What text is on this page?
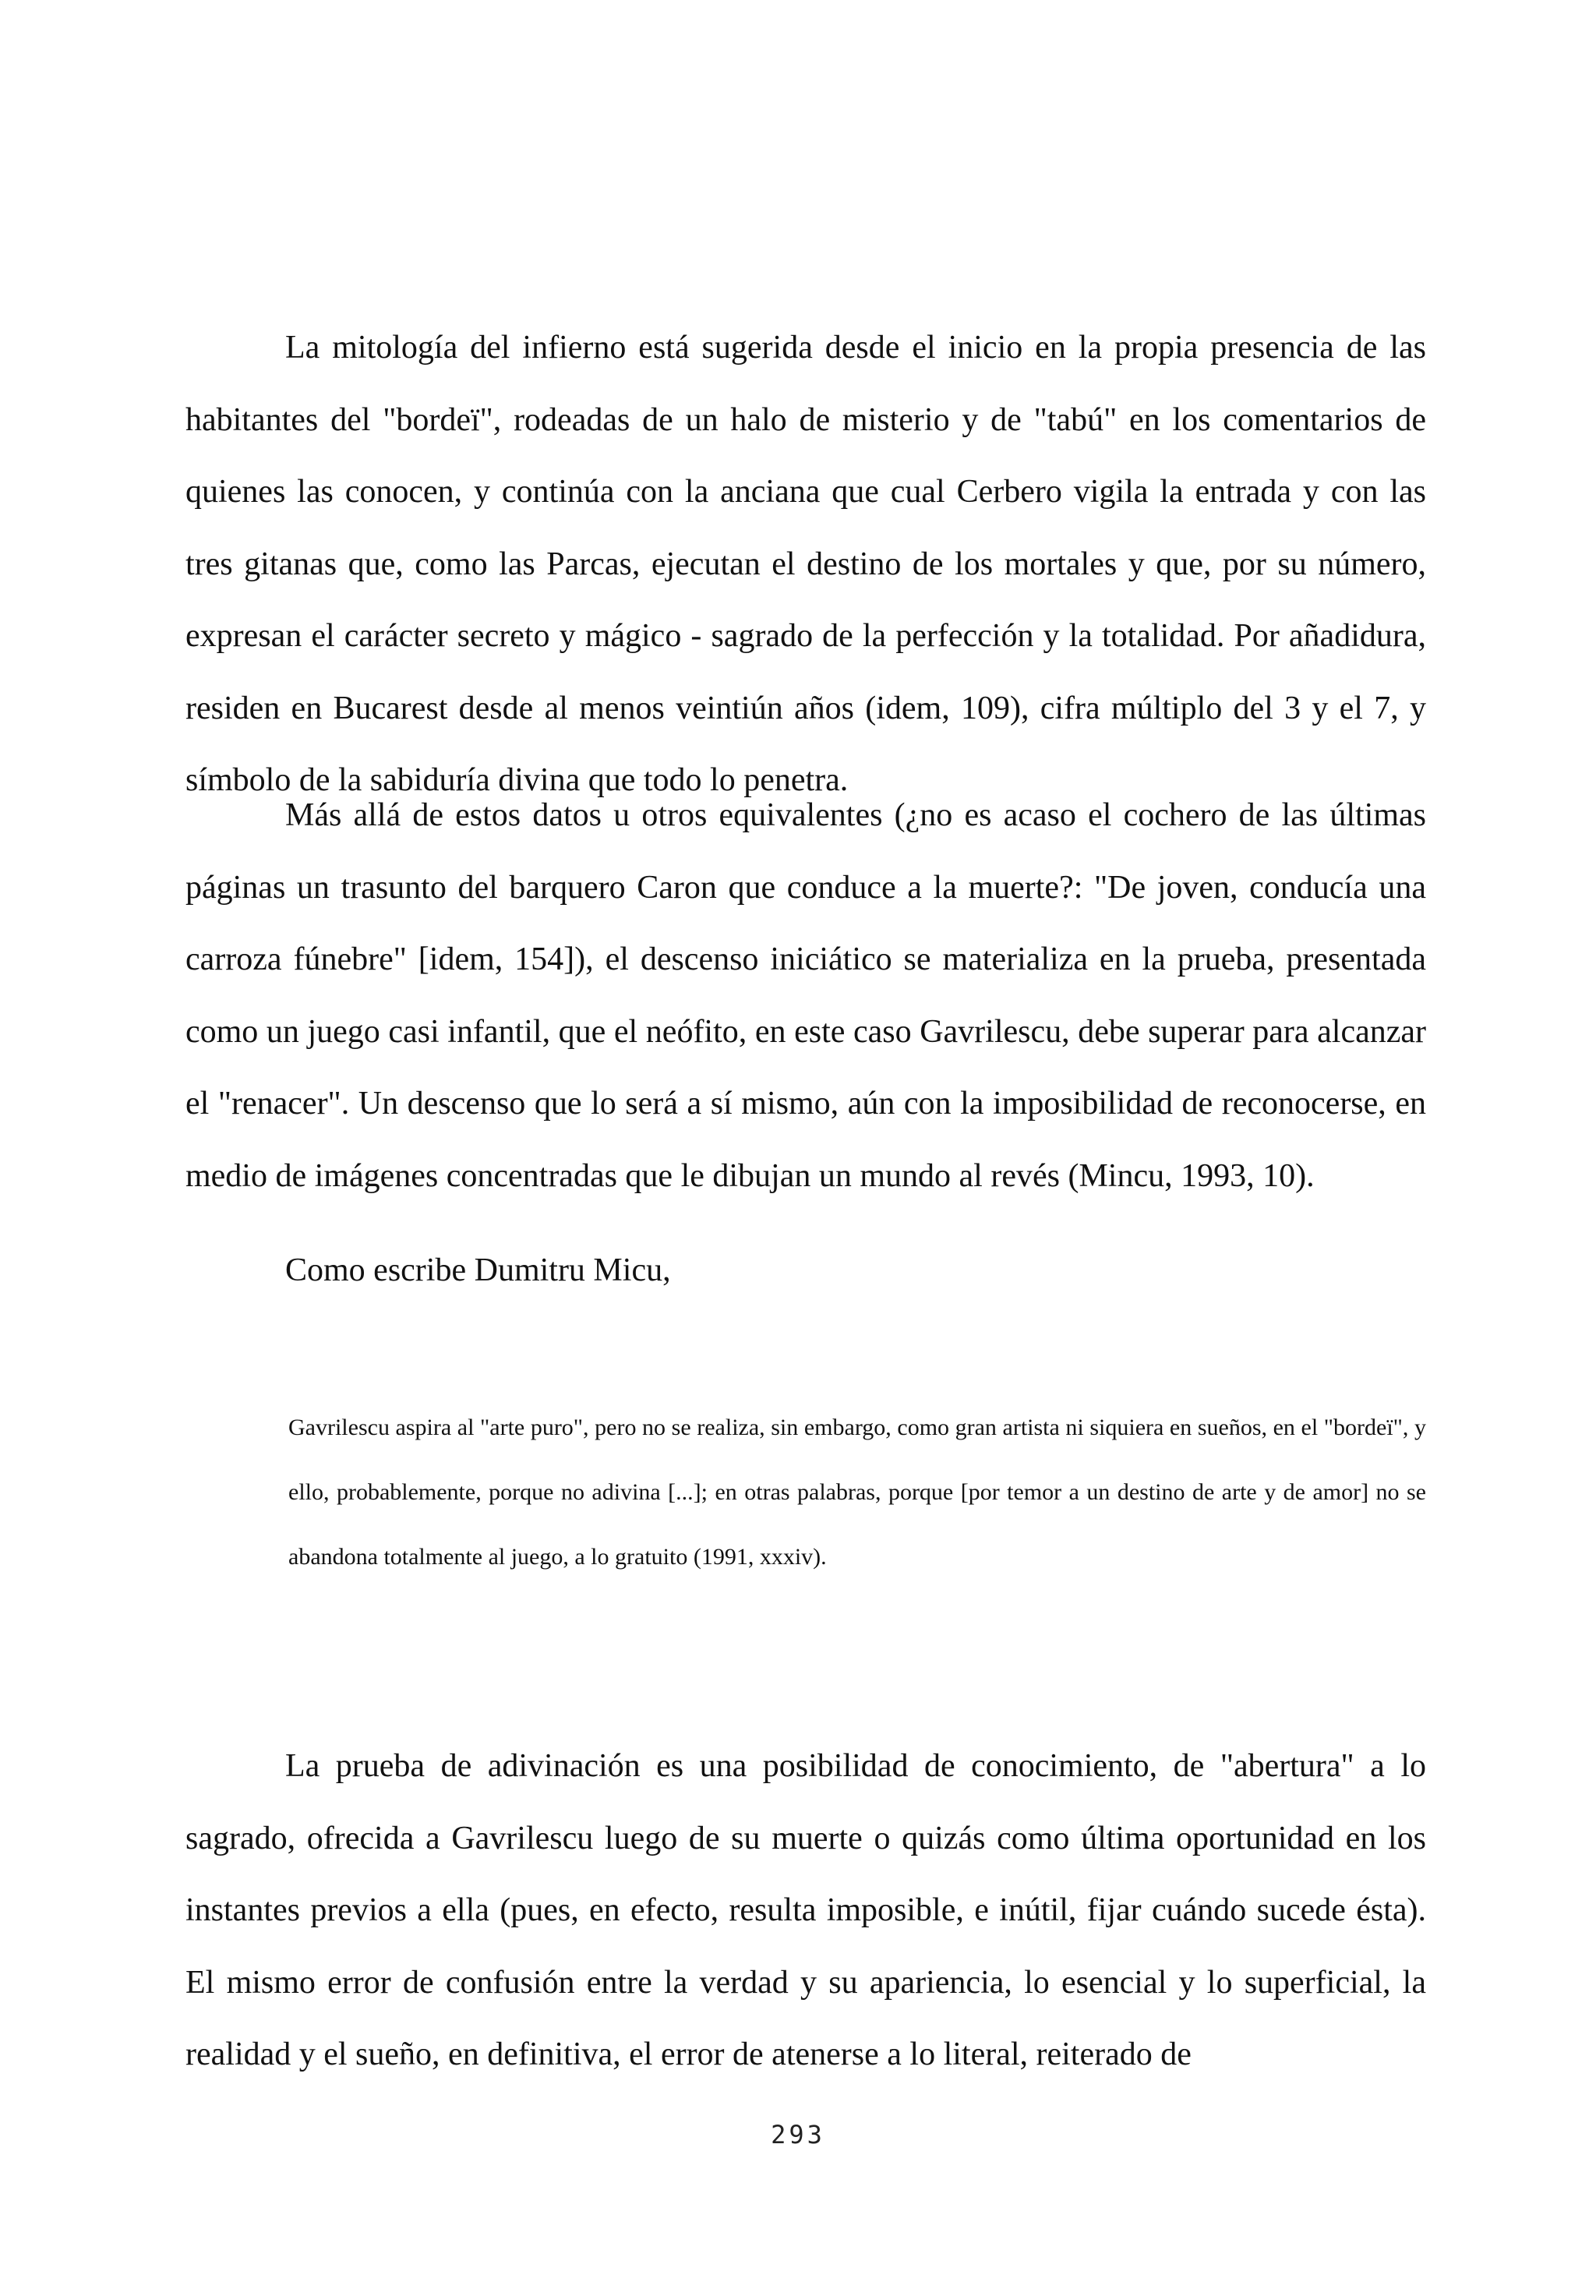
La mitología del infierno está sugerida desde el inicio en la propia presencia de las habitantes del "bordeï", rodeadas de un halo de misterio y de "tabú" en los comentarios de quienes las conocen, y continúa con la anciana que cual Cerbero vigila la entrada y con las tres gitanas que, como las Parcas, ejecutan el destino de los mortales y que, por su número, expresan el carácter secreto y mágico - sagrado de la perfección y la totalidad. Por añadidura, residen en Bucarest desde al menos veintiún años (idem, 109), cifra múltiplo del 3 y el 7, y símbolo de la sabiduría divina que todo lo penetra.

Más allá de estos datos u otros equivalentes (¿no es acaso el cochero de las últimas páginas un trasunto del barquero Caron que conduce a la muerte?: "De joven, conducía una carroza fúnebre" [idem, 154]), el descenso iniciático se materializa en la prueba, presentada como un juego casi infantil, que el neófito, en este caso Gavrilescu, debe superar para alcanzar el "renacer". Un descenso que lo será a sí mismo, aún con la imposibilidad de reconocerse, en medio de imágenes concentradas que le dibujan un mundo al revés (Mincu, 1993, 10).

Como escribe Dumitru Micu,

Gavrilescu aspira al "arte puro", pero no se realiza, sin embargo, como gran artista ni siquiera en sueños, en el "bordeï", y ello, probablemente, porque no adivina [...]; en otras palabras, porque [por temor a un destino de arte y de amor] no se abandona totalmente al juego, a lo gratuito (1991, xxxiv).

La prueba de adivinación es una posibilidad de conocimiento, de "abertura" a lo sagrado, ofrecida a Gavrilescu luego de su muerte o quizás como última oportunidad en los instantes previos a ella (pues, en efecto, resulta imposible, e inútil, fijar cuándo sucede ésta). El mismo error de confusión entre la verdad y su apariencia, lo esencial y lo superficial, la realidad y el sueño, en definitiva, el error de atenerse a lo literal, reiterado de

293
